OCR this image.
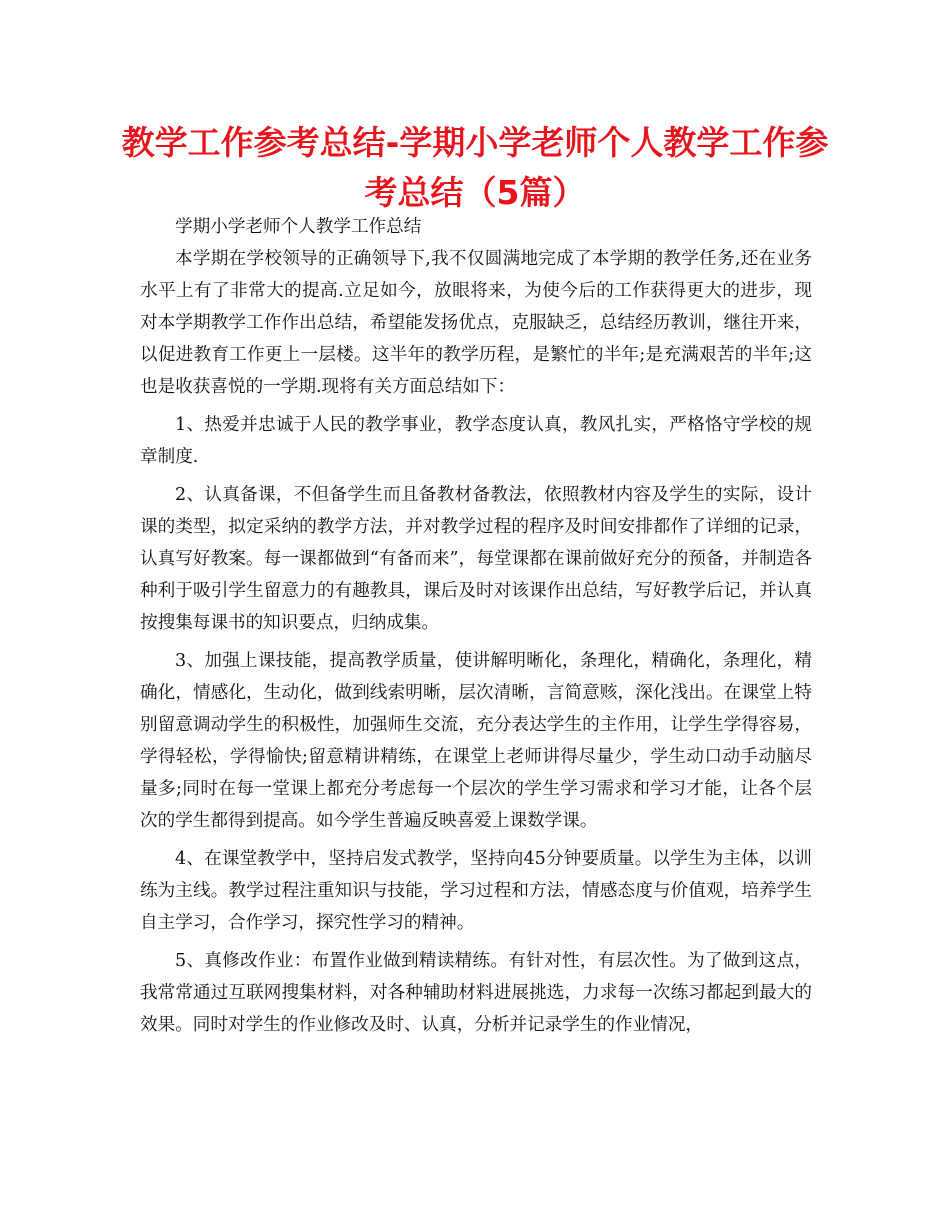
教学工作参考总结-学期小学老师个人教学工作参考总结（5篇）

学期小学老师个人教学工作总结

本学期在学校领导的正确领导下,我不仅圆满地完成了本学期的教学任务,还在业务水平上有了非常大的提高.立足如今，放眼将来，为使今后的工作获得更大的进步，现对本学期教学工作作出总结，希望能发扬优点，克服缺乏，总结经历教训，继往开来，以促进教育工作更上一层楼。这半年的教学历程，是繁忙的半年;是充满艰苦的半年;这也是收获喜悦的一学期.现将有关方面总结如下：

1、热爱并忠诚于人民的教学事业，教学态度认真，教风扎实，严格恪守学校的规章制度.

2、认真备课，不但备学生而且备教材备教法，依照教材内容及学生的实际，设计课的类型，拟定采纳的教学方法，并对教学过程的程序及时间安排都作了详细的记录，认真写好教案。每一课都做到“有备而来”，每堂课都在课前做好充分的预备，并制造各种利于吸引学生留意力的有趣教具，课后及时对该课作出总结，写好教学后记，并认真按搜集每课书的知识要点，归纳成集。

3、加强上课技能，提高教学质量，使讲解明晰化，条理化，精确化，条理化，精确化，情感化，生动化，做到线索明晰，层次清晰，言简意赅，深化浅出。在课堂上特别留意调动学生的积极性，加强师生交流，充分表达学生的主作用，让学生学得容易，学得轻松，学得愉快;留意精讲精练，在课堂上老师讲得尽量少，学生动口动手动脑尽量多;同时在每一堂课上都充分考虑每一个层次的学生学习需求和学习才能，让各个层次的学生都得到提高。如今学生普遍反映喜爱上课数学课。

4、在课堂教学中，坚持启发式教学，坚持向45分钟要质量。以学生为主体，以训练为主线。教学过程注重知识与技能，学习过程和方法，情感态度与价值观，培养学生自主学习，合作学习，探究性学习的精神。

5、真修改作业：布置作业做到精读精练。有针对性，有层次性。为了做到这点，我常常通过互联网搜集材料，对各种辅助材料进展挑选，力求每一次练习都起到最大的效果。同时对学生的作业修改及时、认真，分析并记录学生的作业情况，
